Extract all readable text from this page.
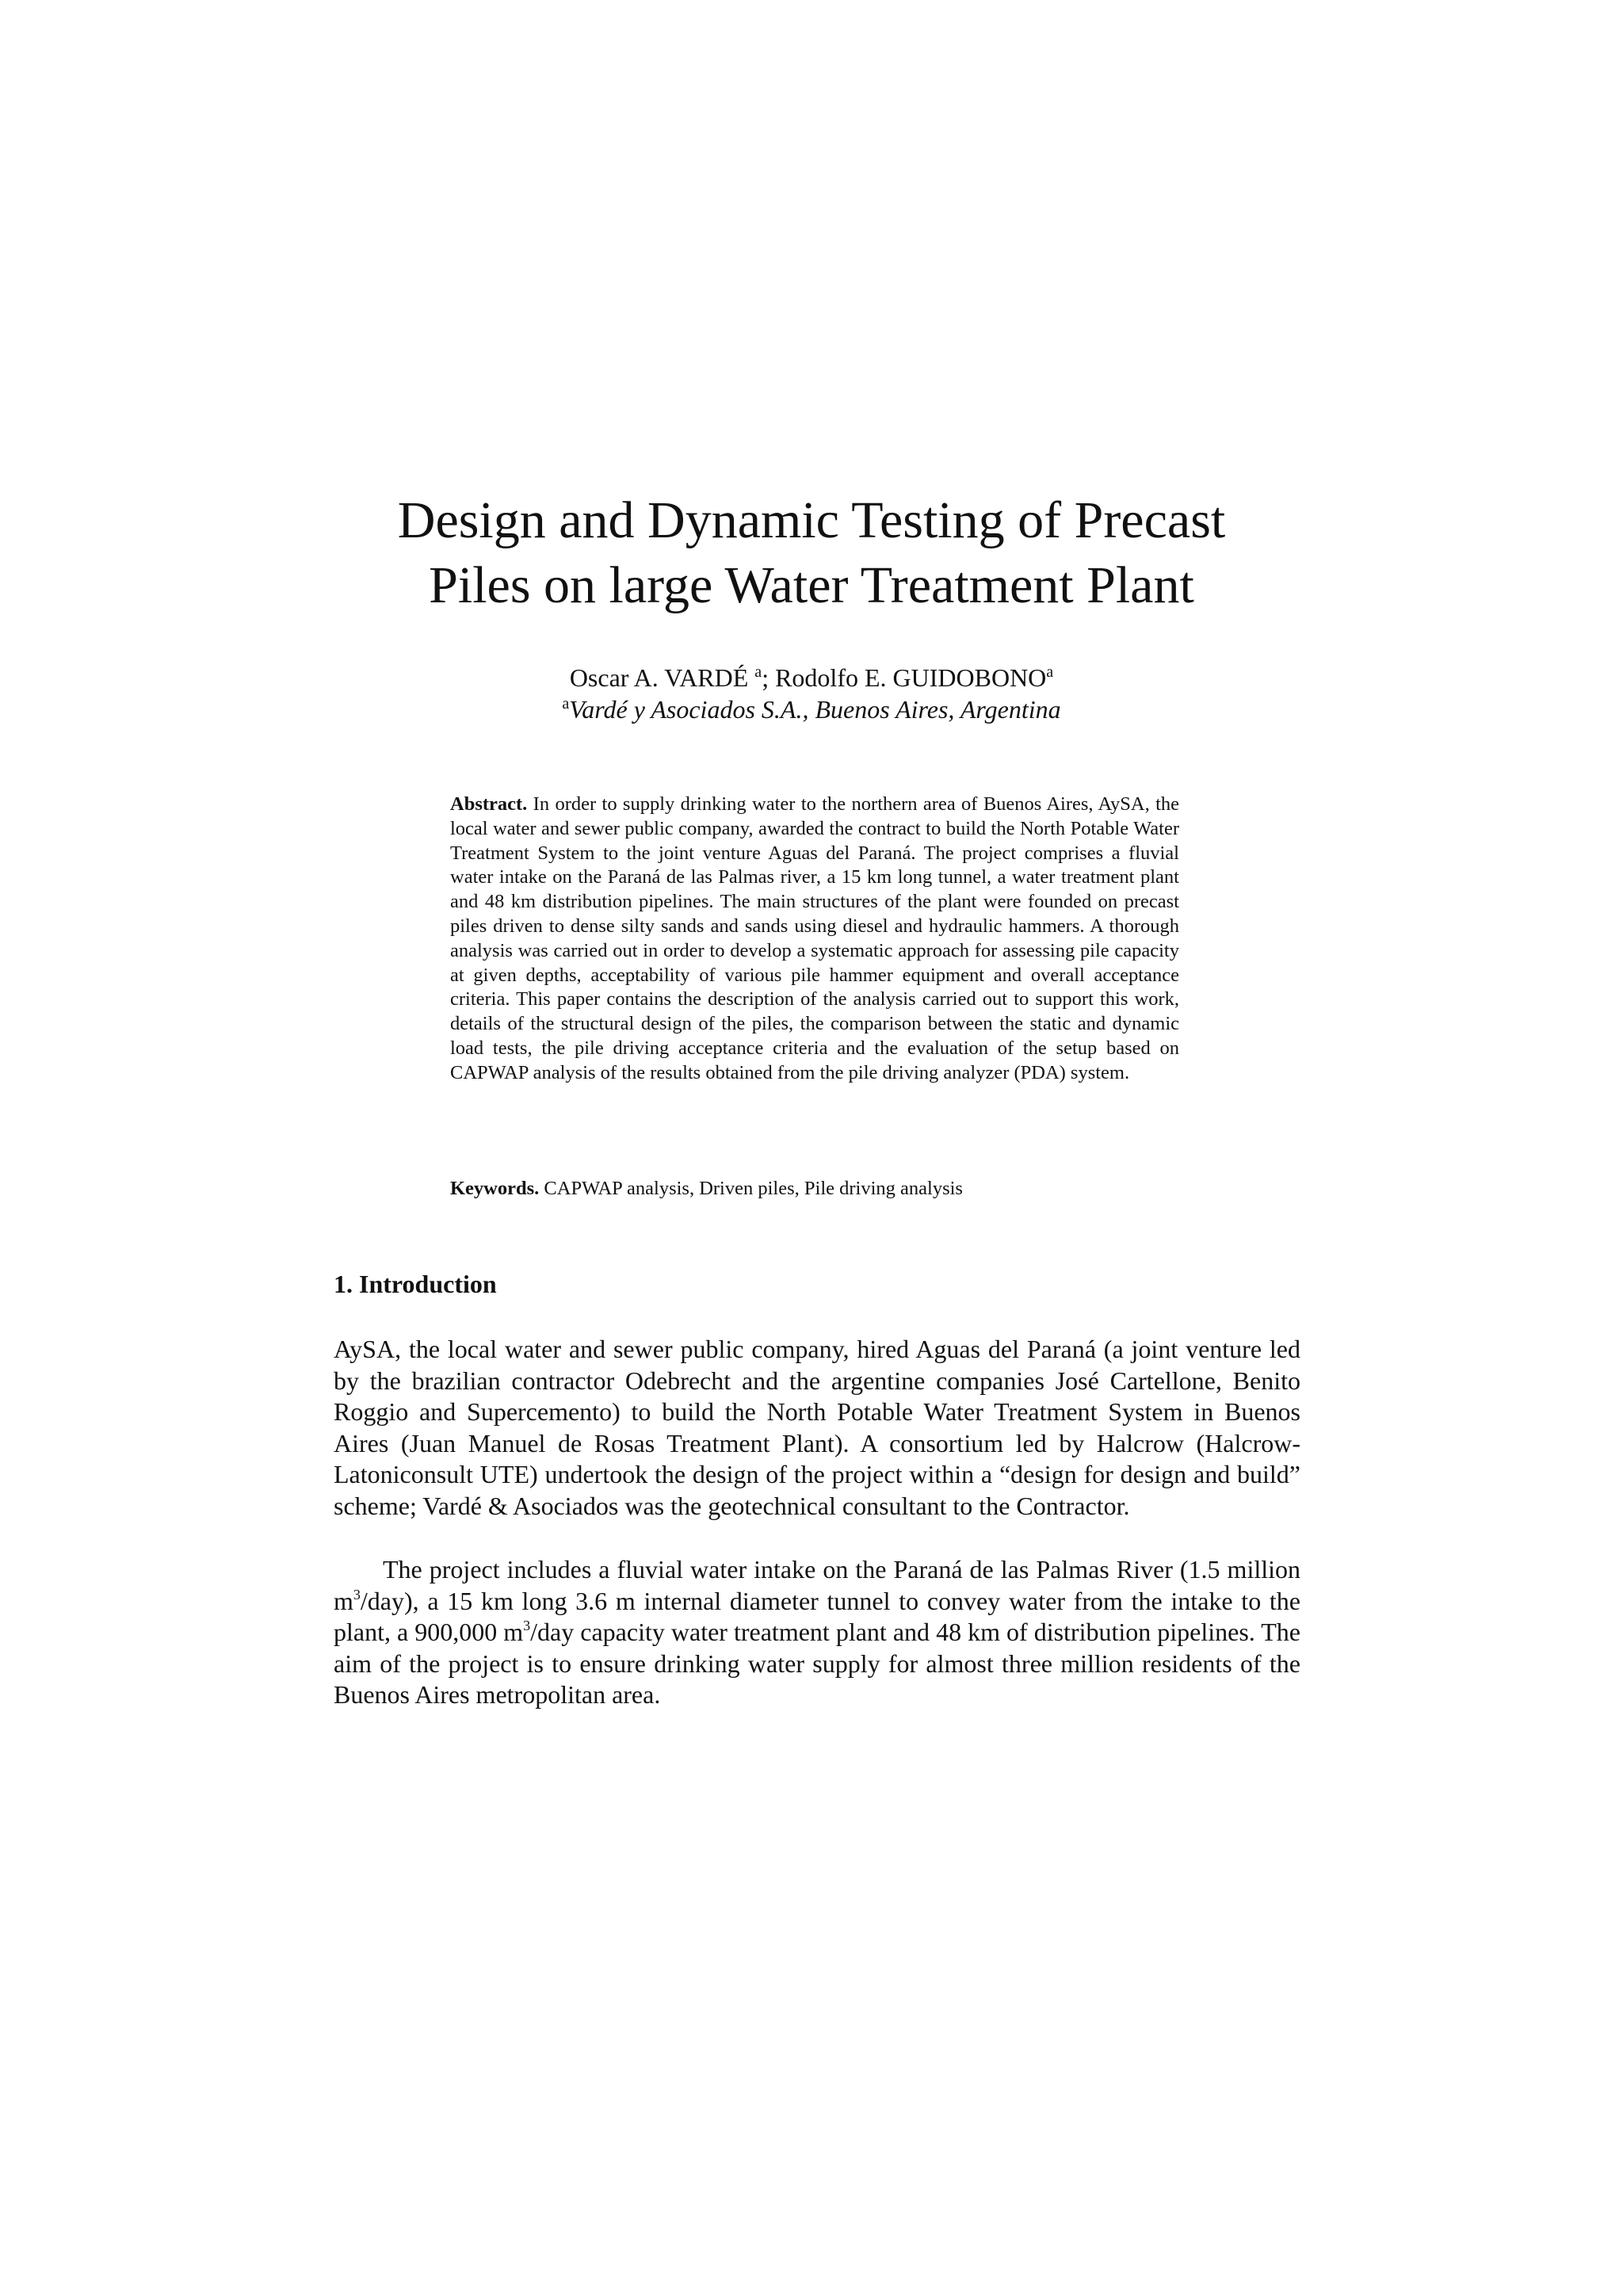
Design and Dynamic Testing of Precast
Piles on large Water Treatment Plant
Oscar A. VARDÉ $^a$; Rodolfo E. GUIDOBONO$^a$
$^a$Vardé y Asociados S.A., Buenos Aires, Argentina

Abstract. In order to supply drinking water to the northern area of Buenos Aires, AySA, the local water and sewer public company, awarded the contract to build the North Potable Water Treatment System to the joint venture Aguas del Paraná. The project comprises a fluvial water intake on the Paraná de las Palmas river, a 15 km long tunnel, a water treatment plant and 48 km distribution pipelines. The main structures of the plant were founded on precast piles driven to dense silty sands and sands using diesel and hydraulic hammers. A thorough analysis was carried out in order to develop a systematic approach for assessing pile capacity at given depths, acceptability of various pile hammer equipment and overall acceptance criteria. This paper contains the description of the analysis carried out to support this work, details of the structural design of the piles, the comparison between the static and dynamic load tests, the pile driving acceptance criteria and the evaluation of the setup based on CAPWAP analysis of the results obtained from the pile driving analyzer (PDA) system.

Keywords. CAPWAP analysis, Driven piles, Pile driving analysis

1. Introduction

AySA, the local water and sewer public company, hired Aguas del Paraná (a joint venture led by the brazilian contractor Odebrecht and the argentine companies José Cartellone, Benito Roggio and Supercemento) to build the North Potable Water Treatment System in Buenos Aires (Juan Manuel de Rosas Treatment Plant). A consortium led by Halcrow (Halcrow-Latoniconsult UTE) undertook the design of the project within a “design for design and build” scheme; Vardé & Asociados was the geotechnical consultant to the Contractor.

The project includes a fluvial water intake on the Paraná de las Palmas River (1.5 million $m^3/day$), a 15 km long 3.6 m internal diameter tunnel to convey water from the intake to the plant, a 900,000 $m^3$/day capacity water treatment plant and 48 km of distribution pipelines. The aim of the project is to ensure drinking water supply for almost three million residents of the Buenos Aires metropolitan area.
